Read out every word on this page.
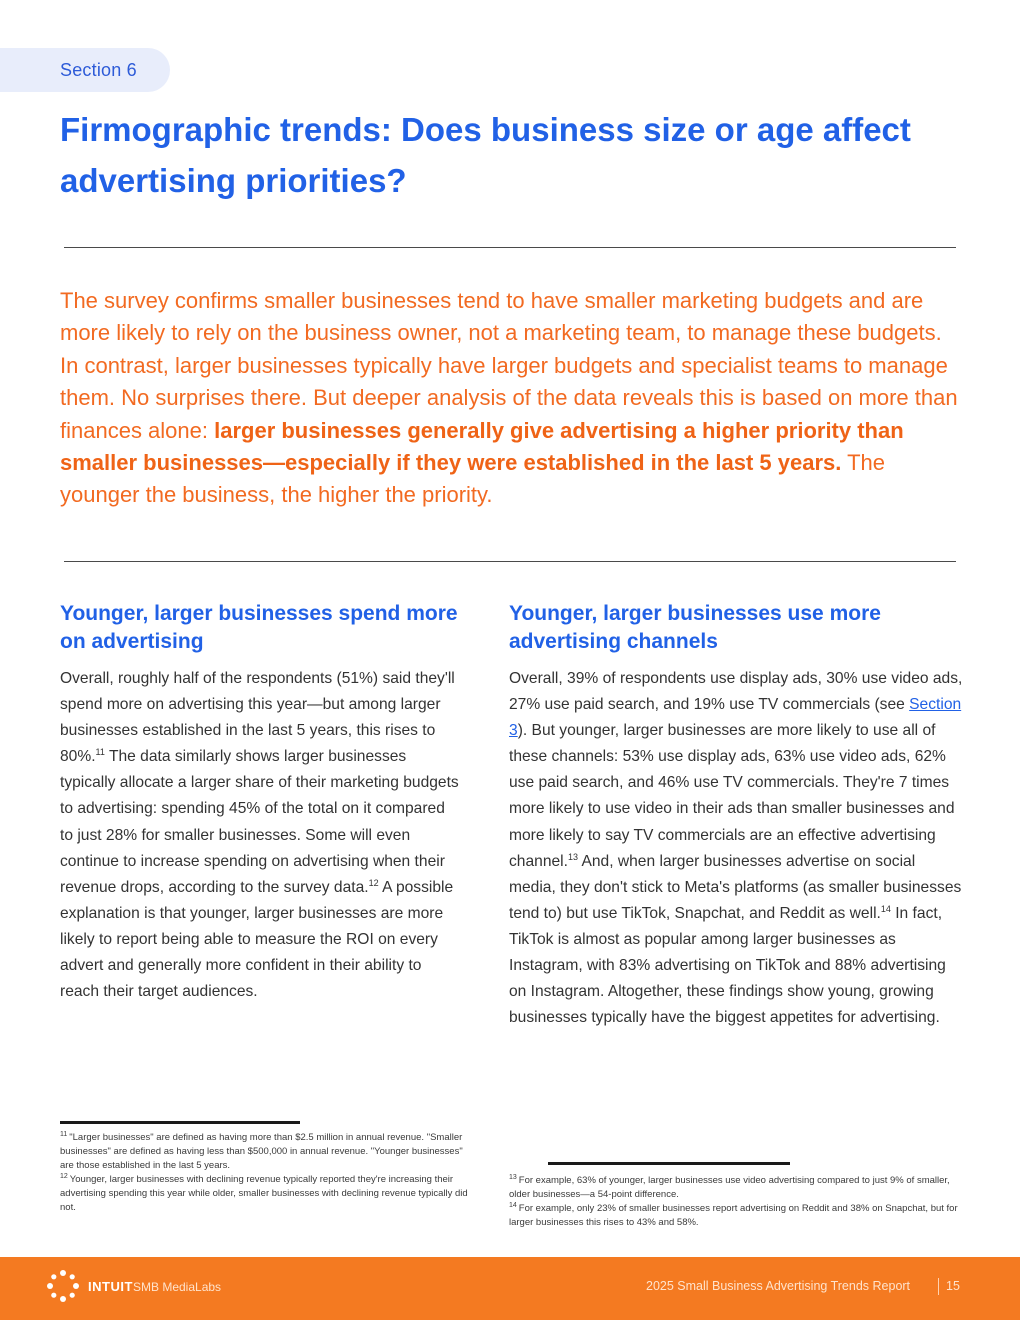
Section 6
Firmographic trends: Does business size or age affect advertising priorities?

The survey confirms smaller businesses tend to have smaller marketing budgets and are more likely to rely on the business owner, not a marketing team, to manage these budgets. In contrast, larger businesses typically have larger budgets and specialist teams to manage them. No surprises there. But deeper analysis of the data reveals this is based on more than finances alone: larger businesses generally give advertising a higher priority than smaller businesses—especially if they were established in the last 5 years. The younger the business, the higher the priority.

Younger, larger businesses spend more on advertising

Overall, roughly half of the respondents (51%) said they'll spend more on advertising this year—but among larger businesses established in the last 5 years, this rises to 80%.$^{11}$ The data similarly shows larger businesses typically allocate a larger share of their marketing budgets to advertising: spending 45% of the total on it compared to just 28% for smaller businesses. Some will even continue to increase spending on advertising when their revenue drops, according to the survey data.$^{12}$ A possible explanation is that younger, larger businesses are more likely to report being able to measure the ROI on every advert and generally more confident in their ability to reach their target audiences.

Younger, larger businesses use more advertising channels

Overall, 39% of respondents use display ads, 30% use video ads, 27% use paid search, and 19% use TV commercials (see Section 3). But younger, larger businesses are more likely to use all of these channels: 53% use display ads, 63% use video ads, 62% use paid search, and 46% use TV commercials. They're 7 times more likely to use video in their ads than smaller businesses and more likely to say TV commercials are an effective advertising channel.$^{13}$ And, when larger businesses advertise on social media, they don't stick to Meta's platforms (as smaller businesses tend to) but use TikTok, Snapchat, and Reddit as well.$^{14}$ In fact, TikTok is almost as popular among larger businesses as Instagram, with 83% advertising on TikTok and 88% advertising on Instagram. Altogether, these findings show young, growing businesses typically have the biggest appetites for advertising.

$^{11}$ "Larger businesses" are defined as having more than $2.5 million in annual revenue. "Smaller businesses" are defined as having less than $500,000 in annual revenue. "Younger businesses" are those established in the last 5 years.
$^{12}$ Younger, larger businesses with declining revenue typically reported they're increasing their advertising spending this year while older, smaller businesses with declining revenue typically did not.
$^{13}$ For example, 63% of younger, larger businesses use video advertising compared to just 9% of smaller, older businesses—a 54-point difference.
$^{14}$ For example, only 23% of smaller businesses report advertising on Reddit and 38% on Snapchat, but for larger businesses this rises to 43% and 58%.
INTUIT SMB MediaLabs	2025 Small Business Advertising Trends Report	15
